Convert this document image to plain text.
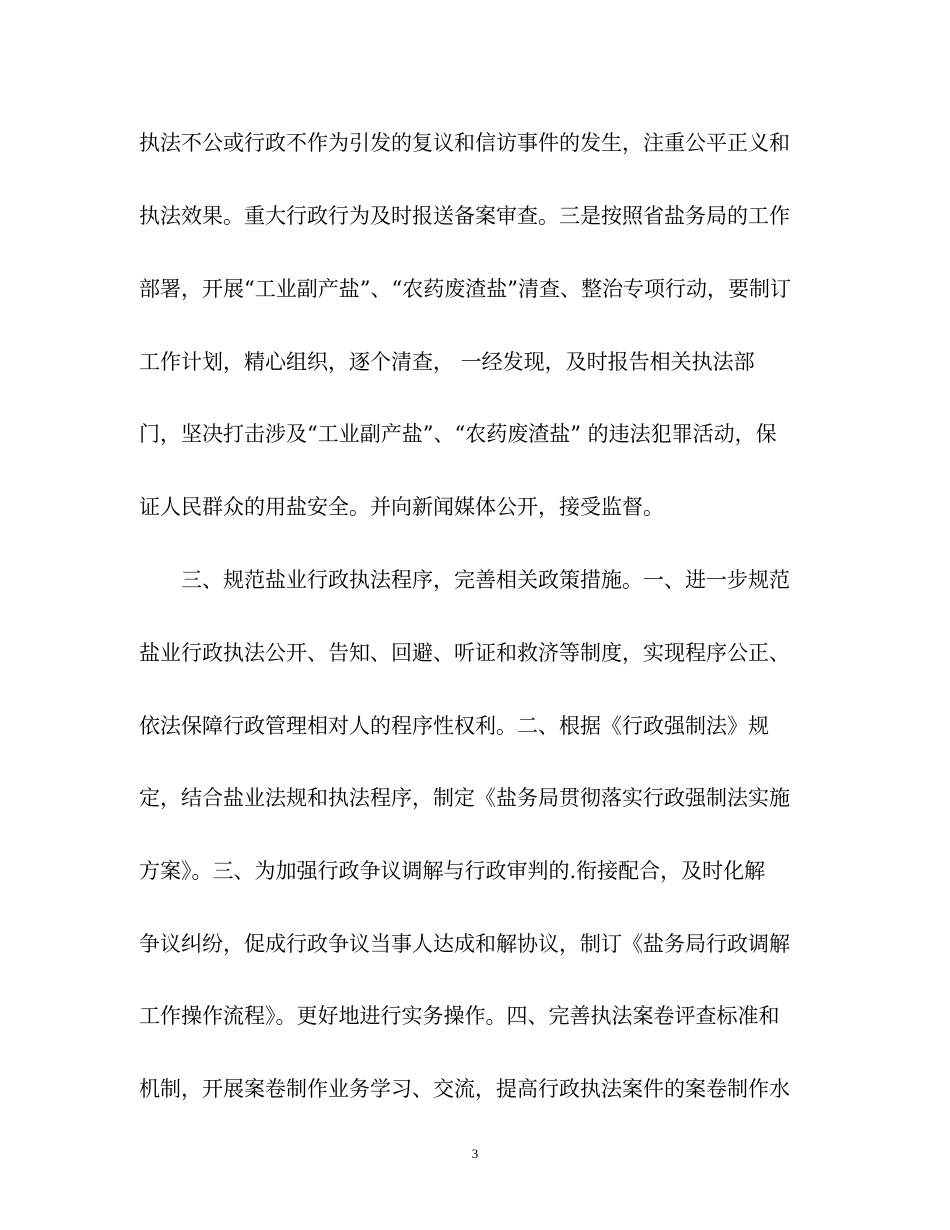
执法不公或行政不作为引发的复议和信访事件的发生，注重公平正义和
执法效果。重大行政行为及时报送备案审查。三是按照省盐务局的工作
部署，开展“工业副产盐”、“农药废渣盐”清查、整治专项行动，要制订
工作计划，精心组织，逐个清查， 一经发现，及时报告相关执法部
门，坚决打击涉及“工业副产盐”、“农药废渣盐” 的违法犯罪活动，保
证人民群众的用盐安全。并向新闻媒体公开，接受监督。
三、规范盐业行政执法程序，完善相关政策措施。一、进一步规范
盐业行政执法公开、告知、回避、听证和救济等制度，实现程序公正、
依法保障行政管理相对人的程序性权利。二、根据《行政强制法》规
定，结合盐业法规和执法程序，制定《盐务局贯彻落实行政强制法实施
方案》。三、为加强行政争议调解与行政审判的.衔接配合，及时化解
争议纠纷，促成行政争议当事人达成和解协议，制订《盐务局行政调解
工作操作流程》。更好地进行实务操作。四、完善执法案卷评查标准和
机制，开展案卷制作业务学习、交流，提高行政执法案件的案卷制作水
3
